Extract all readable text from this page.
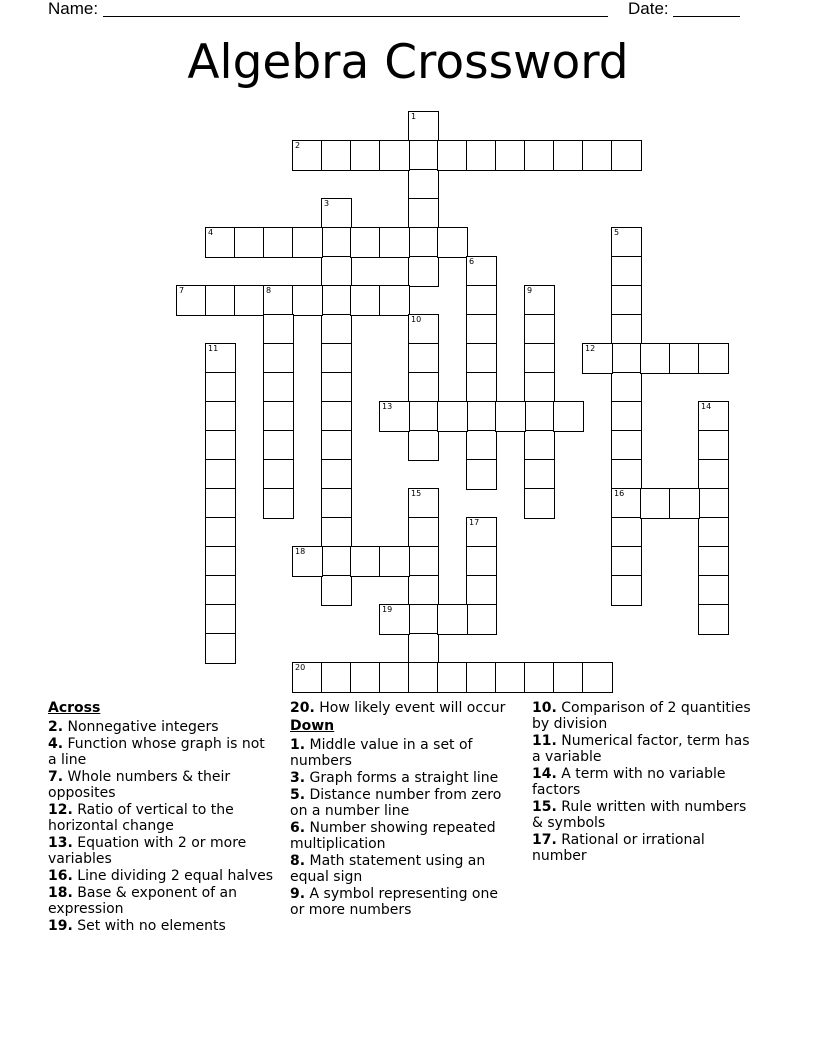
Name:	Date:
Algebra Crossword
1
2
3
4	5
16
6
7	8	9
10
11	12
13	14
15
17
18
19
20
Across
2. Nonnegative integers
4. Function whose graph is not a line
7. Whole numbers & their opposites
12. Ratio of vertical to the horizontal change
13. Equation with 2 or more variables
16. Line dividing 2 equal halves
18. Base & exponent of an expression
19. Set with no elements
20. How likely event will occur
Down
1. Middle value in a set of numbers
3. Graph forms a straight line
5. Distance number from zero on a number line
6. Number showing repeated multiplication
8. Math statement using an equal sign
9. A symbol representing one or more numbers
10. Comparison of 2 quantities by division
11. Numerical factor, term has a variable
14. A term with no variable factors
15. Rule written with numbers & symbols
17. Rational or irrational number
